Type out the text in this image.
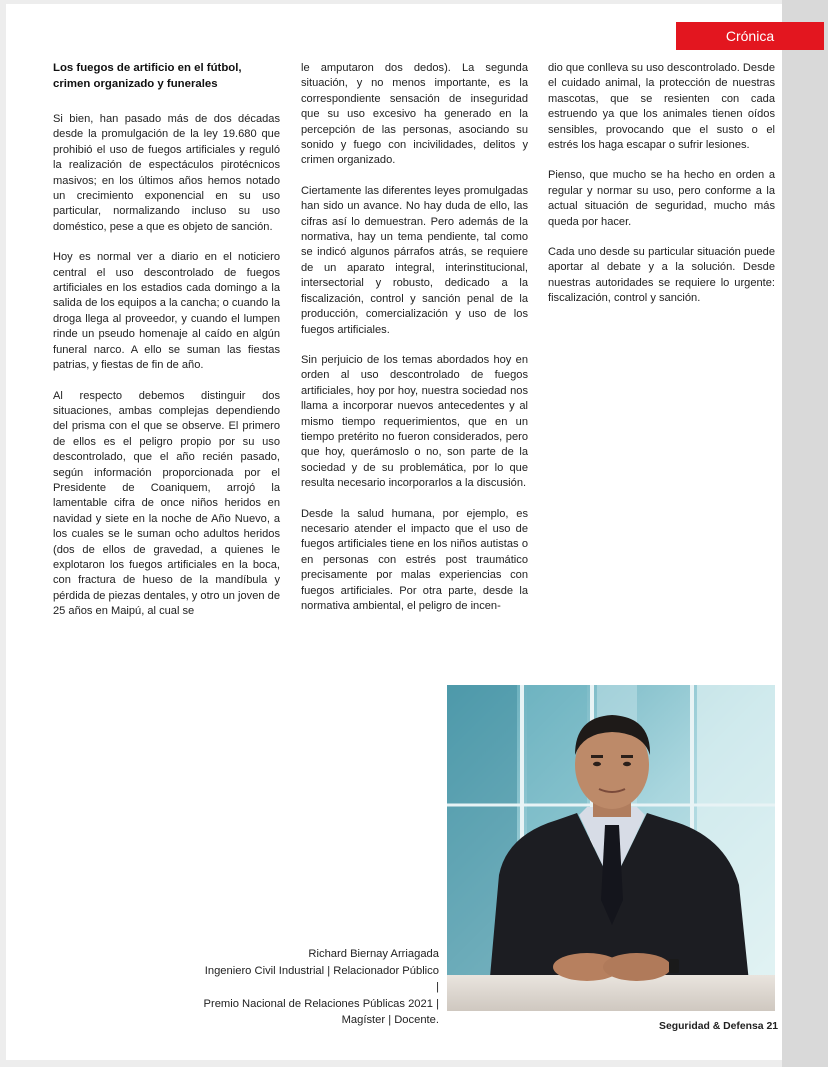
Crónica
Los fuegos de artificio en el fútbol, crimen organizado y funerales

Si bien, han pasado más de dos décadas desde la promulgación de la ley 19.680 que prohibió el uso de fuegos artificiales y reguló la realización de espectáculos pirotécnicos masivos; en los últimos años hemos notado un crecimiento exponencial en su uso particular, normalizando incluso su uso doméstico, pese a que es objeto de sanción.

Hoy es normal ver a diario en el noticiero central el uso descontrolado de fuegos artificiales en los estadios cada domingo a la salida de los equipos a la cancha; o cuando la droga llega al proveedor, y cuando el lumpen rinde un pseudo homenaje al caído en algún funeral narco. A ello se suman las fiestas patrias, y fiestas de fin de año.

Al respecto debemos distinguir dos situaciones, ambas complejas dependiendo del prisma con el que se observe. El primero de ellos es el peligro propio por su uso descontrolado, que el año recién pasado, según información proporcionada por el Presidente de Coaniquem, arrojó la lamentable cifra de once niños heridos en navidad y siete en la noche de Año Nuevo, a los cuales se le suman ocho adultos heridos (dos de ellos de gravedad, a quienes le explotaron los fuegos artificiales en la boca, con fractura de hueso de la mandíbula y pérdida de piezas dentales, y otro un joven de 25 años en Maipú, al cual se

le amputaron dos dedos). La segunda situación, y no menos importante, es la correspondiente sensación de inseguridad que su uso excesivo ha generado en la percepción de las personas, asociando su sonido y fuego con incivilidades, delitos y crimen organizado.

Ciertamente las diferentes leyes promulgadas han sido un avance. No hay duda de ello, las cifras así lo demuestran. Pero además de la normativa, hay un tema pendiente, tal como se indicó algunos párrafos atrás, se requiere de un aparato integral, interinstitucional, intersectorial y robusto, dedicado a la fiscalización, control y sanción penal de la producción, comercialización y uso de los fuegos artificiales.

Sin perjuicio de los temas abordados hoy en orden al uso descontrolado de fuegos artificiales, hoy por hoy, nuestra sociedad nos llama a incorporar nuevos antecedentes y al mismo tiempo requerimientos, que en un tiempo pretérito no fueron considerados, pero que hoy, querámoslo o no, son parte de la sociedad y de su problemática, por lo que resulta necesario incorporarlos a la discusión.

Desde la salud humana, por ejemplo, es necesario atender el impacto que el uso de fuegos artificiales tiene en los niños autistas o en personas con estrés post traumático precisamente por malas experiencias con fuegos artificiales. Por otra parte, desde la normativa ambiental, el peligro de incen-

dio que conlleva su uso descontrolado. Desde el cuidado animal, la protección de nuestras mascotas, que se resienten con cada estruendo ya que los animales tienen oídos sensibles, provocando que el susto o el estrés los haga escapar o sufrir lesiones.

Pienso, que mucho se ha hecho en orden a regular y normar su uso, pero conforme a la actual situación de seguridad, mucho más queda por hacer.

Cada uno desde su particular situación puede aportar al debate y a la solución. Desde nuestras autoridades se requiere lo urgente: fiscalización, control y sanción.

Richard Biernay Arriagada
Ingeniero Civil Industrial | Relacionador Público |
Premio Nacional de Relaciones Públicas 2021 |
Magíster | Docente.
Seguridad & Defensa 21
